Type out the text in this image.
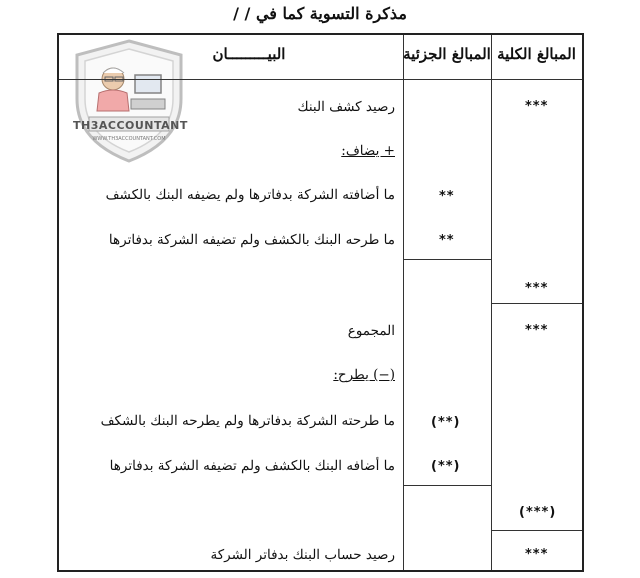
مذكرة التسوية كما في / /
TH3ACCOUNTANT
WWW.TH3ACCOUNTANT.COM
البيـــــــــان	المبالغ الجزئية المبالغ الكلية
رصيد كشف البنك
+ يضاف:
ما أضافته الشركة بدفاترها ولم يضيفه البنك بالكشف
ما طرحه البنك بالكشف ولم تضيفه الشركة بدفاترها
المجموع
(−) يطرح:
ما طرحته الشركة بدفاترها ولم يطرحه البنك بالشكف
ما أضافه البنك بالكشف ولم تضيفه الشركة بدفاترها
رصيد حساب البنك بدفاتر الشركة
***
**
**
***
***
(**)
(**)
(***)
***
